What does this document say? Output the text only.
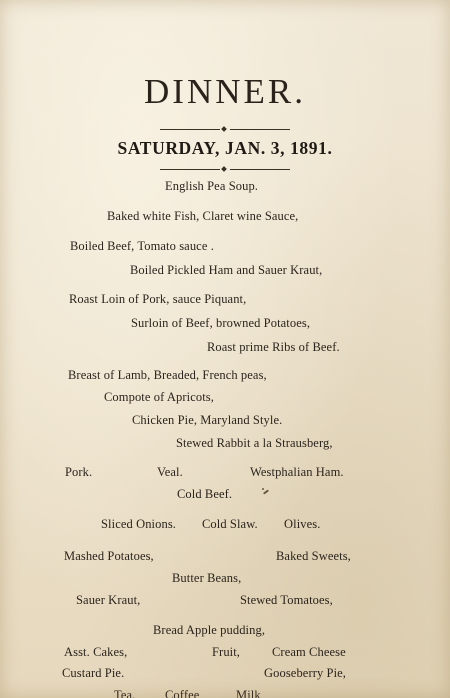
DINNER.
SATURDAY, JAN. 3, 1891.
English Pea Soup.
Baked white Fish, Claret wine Sauce,
Boiled Beef, Tomato sauce .
Boiled Pickled Ham and Sauer Kraut,
Roast Loin of Pork, sauce Piquant,
Surloin of Beef, browned Potatoes,
Roast prime Ribs of Beef.
Breast of Lamb, Breaded, French peas,
Compote of Apricots,
Chicken Pie, Maryland Style.
Stewed Rabbit a la Strausberg,
Pork.	Veal.	Westphalian Ham.
Cold Beef.
Sliced Onions. Cold Slaw. Olives.
Mashed Potatoes,	Baked Sweets,
Butter Beans,
Sauer Kraut,	Stewed Tomatoes,
Bread Apple pudding,
Asst. Cakes,	Fruit,	Cream Cheese
Custard Pie.	Gooseberry Pie,
Tea. Coffee	Milk
